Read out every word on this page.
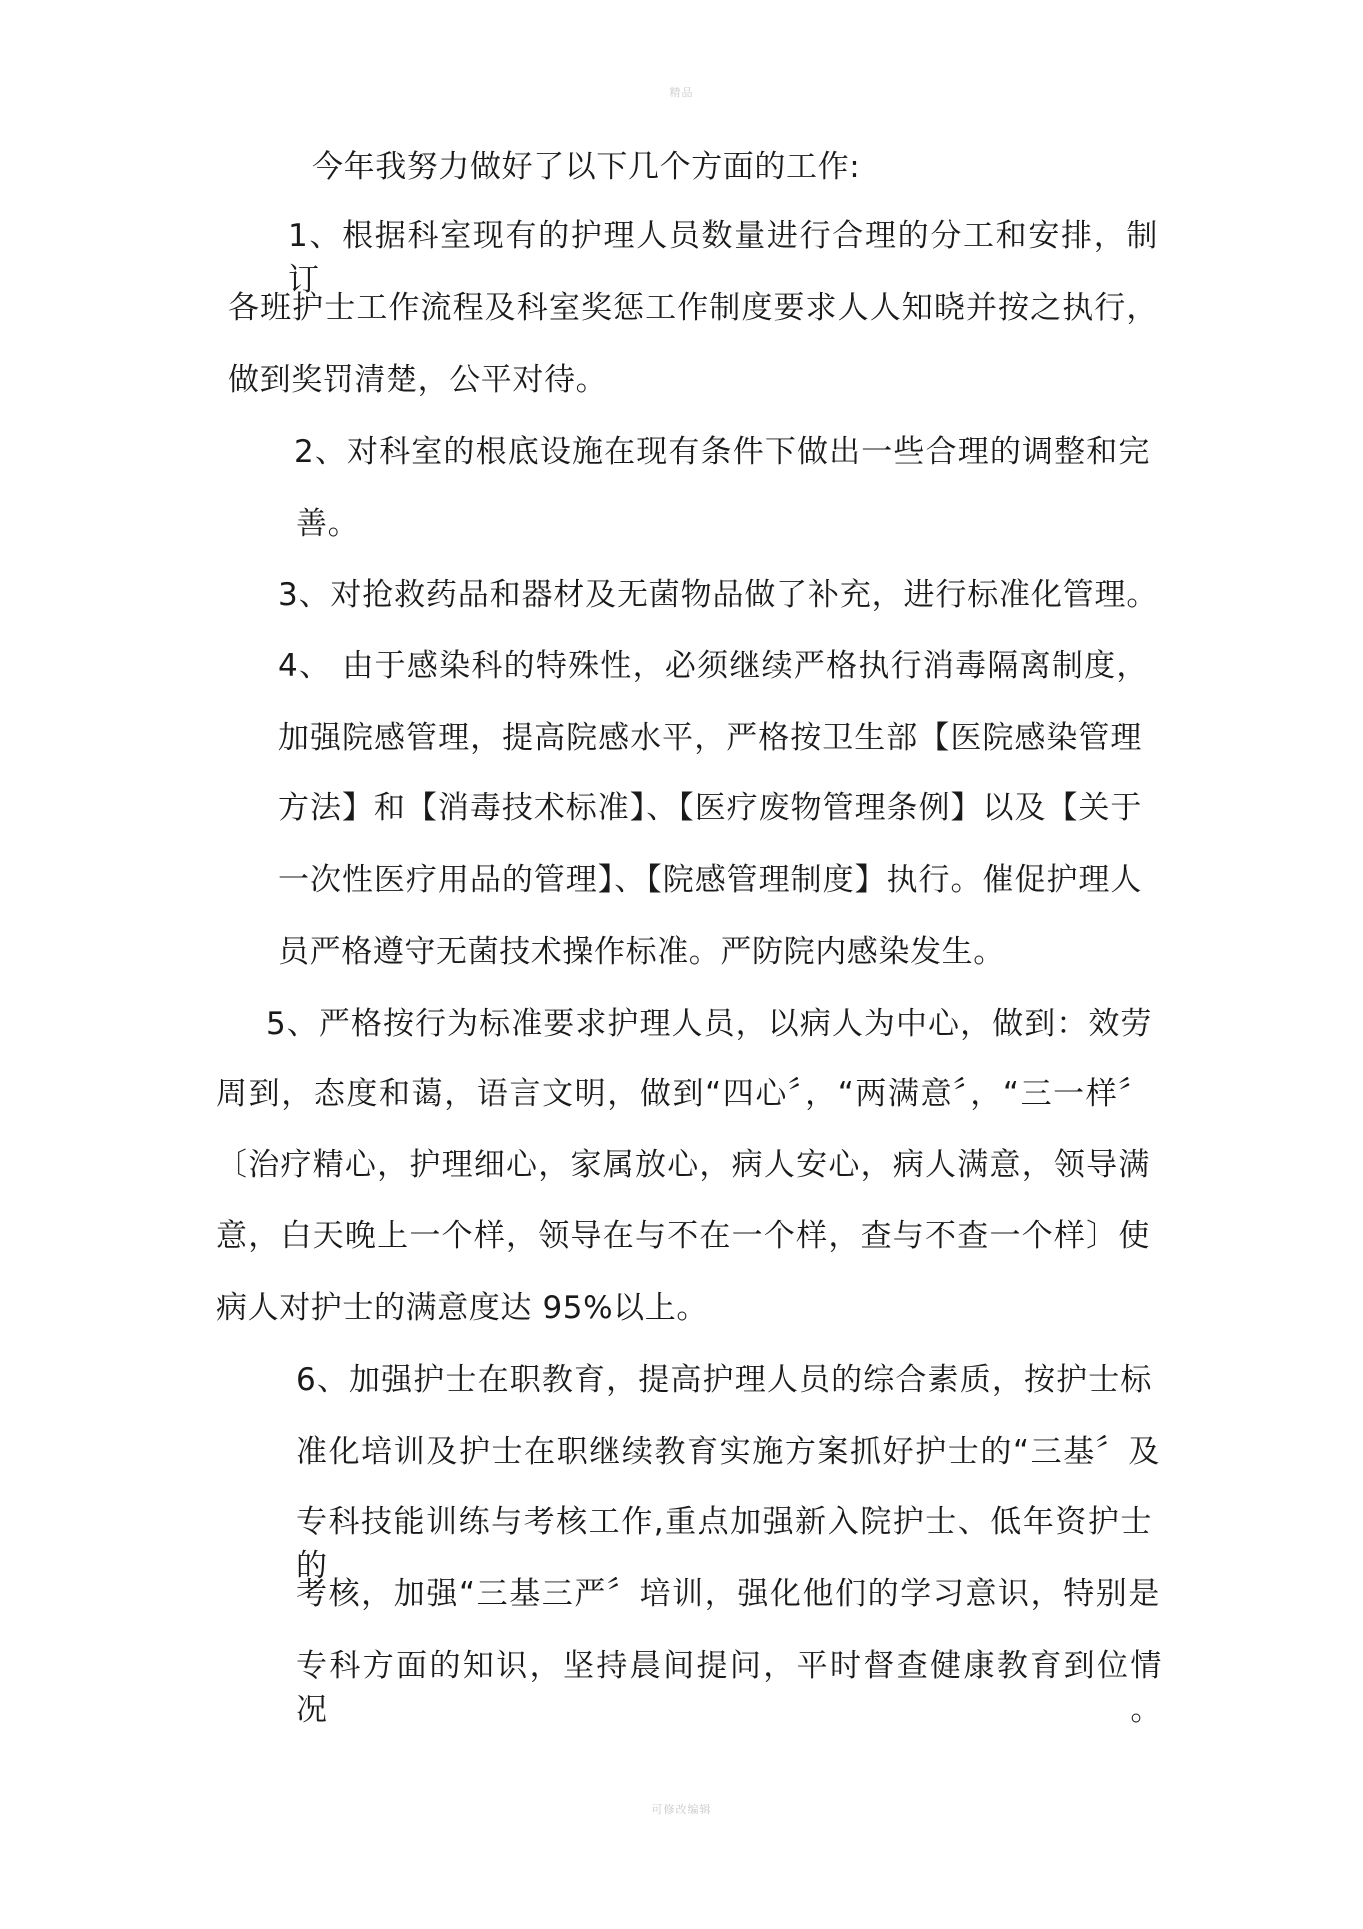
精品

今年我努力做好了以下几个方面的工作:

1、根据科室现有的护理人员数量进行合理的分工和安排，制订

各班护士工作流程及科室奖惩工作制度要求人人知晓并按之执行，

做到奖罚清楚，公平对待。

2、对科室的根底设施在现有条件下做出一些合理的调整和完

善。

3、对抢救药品和器材及无菌物品做了补充，进行标准化管理。

4、 由于感染科的特殊性，必须继续严格执行消毒隔离制度，

加强院感管理，提高院感水平，严格按卫生部【医院感染管理

方法】和【消毒技术标准】、【医疗废物管理条例】以及【关于

一次性医疗用品的管理】、【院感管理制度】执行。催促护理人

员严格遵守无菌技术操作标准。严防院内感染发生。

5、严格按行为标准要求护理人员，以病人为中心，做到：效劳

周到，态度和蔼，语言文明，做到“四心〞，“两满意〞，“三一样〞

〔治疗精心，护理细心，家属放心，病人安心，病人满意，领导满

意，白天晚上一个样，领导在与不在一个样，查与不查一个样〕使

病人对护士的满意度达 95%以上。

6、加强护士在职教育，提高护理人员的综合素质，按护士标

准化培训及护士在职继续教育实施方案抓好护士的“三基〞及

专科技能训练与考核工作,重点加强新入院护士、低年资护士的

考核，加强“三基三严〞培训，强化他们的学习意识，特别是

专科方面的知识，坚持晨间提问，平时督查健康教育到位情况。

可修改编辑
